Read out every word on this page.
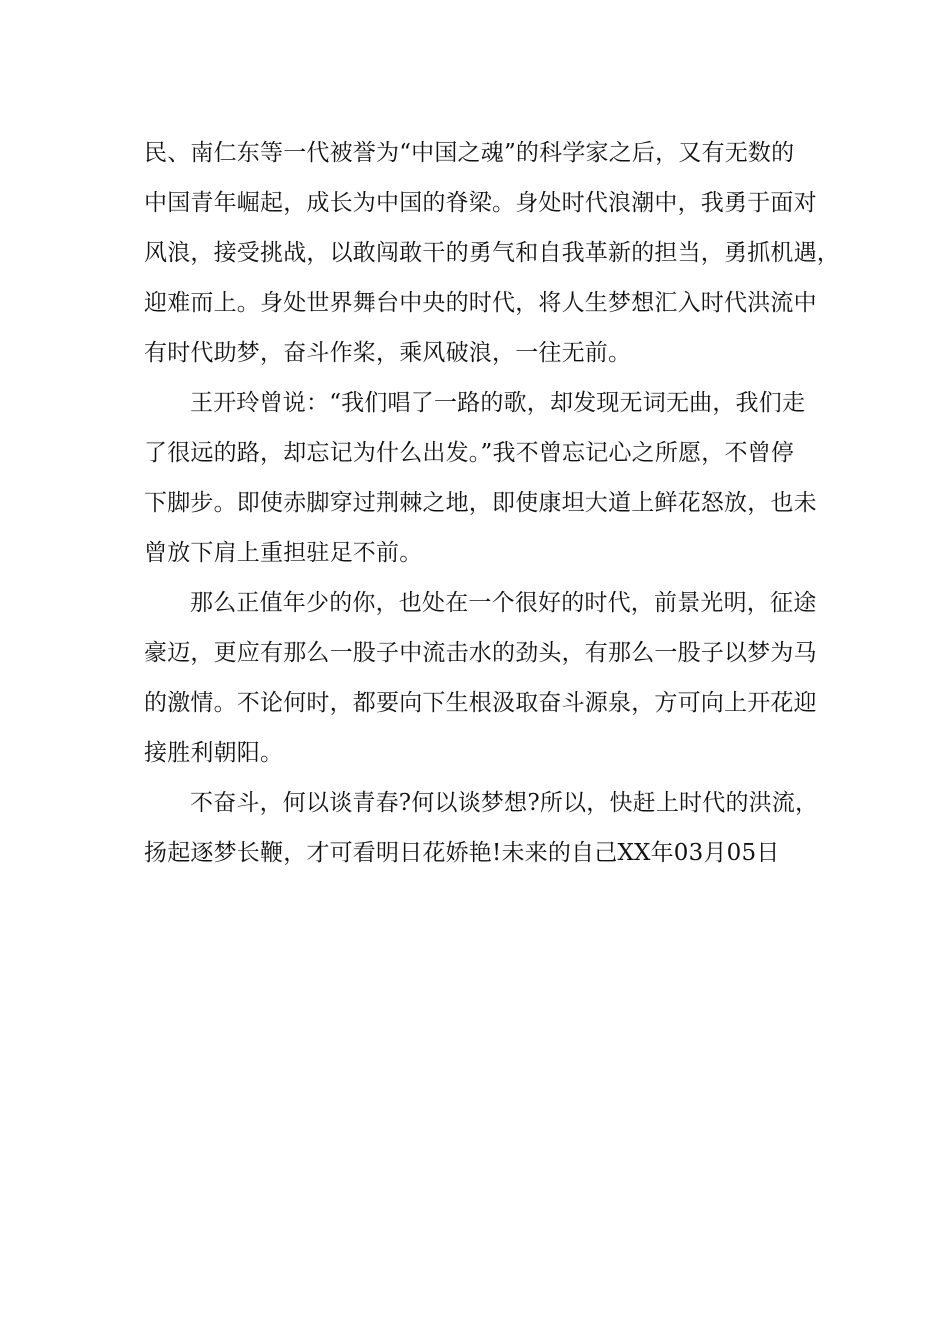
民、南仁东等一代被誉为“中国之魂”的科学家之后，又有无数的
中国青年崛起，成长为中国的脊梁。身处时代浪潮中，我勇于面对
风浪，接受挑战，以敢闯敢干的勇气和自我革新的担当，勇抓机遇，
迎难而上。身处世界舞台中央的时代，将人生梦想汇入时代洪流中
有时代助梦，奋斗作桨，乘风破浪，一往无前。
王开玲曾说：“我们唱了一路的歌，却发现无词无曲，我们走
了很远的路，却忘记为什么出发。”我不曾忘记心之所愿，不曾停
下脚步。即使赤脚穿过荆棘之地，即使康坦大道上鲜花怒放，也未
曾放下肩上重担驻足不前。
那么正值年少的你，也处在一个很好的时代，前景光明，征途
豪迈，更应有那么一股子中流击水的劲头，有那么一股子以梦为马
的激情。不论何时，都要向下生根汲取奋斗源泉，方可向上开花迎
接胜利朝阳。
不奋斗，何以谈青春?何以谈梦想?所以，快赶上时代的洪流，
扬起逐梦长鞭，才可看明日花娇艳!未来的自己XX年03月05日
